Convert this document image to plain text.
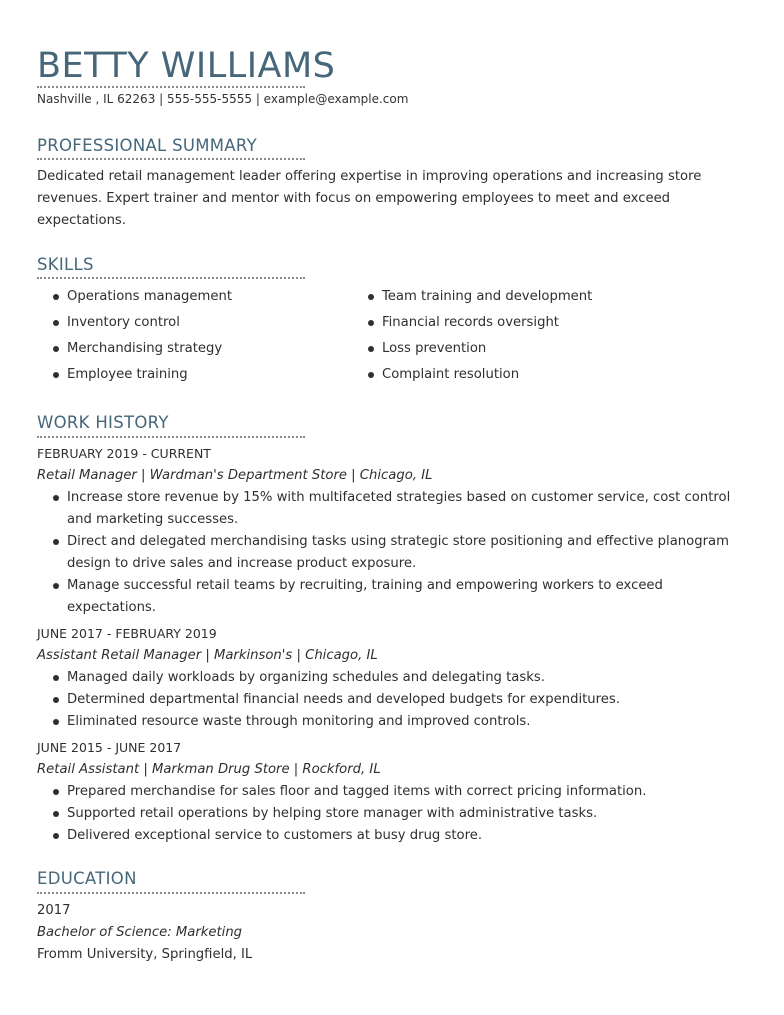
BETTY WILLIAMS
Nashville , IL 62263 | 555-555-5555 | example@example.com
PROFESSIONAL SUMMARY
Dedicated retail management leader offering expertise in improving operations and increasing store revenues. Expert trainer and mentor with focus on empowering employees to meet and exceed expectations.
SKILLS
Operations management
Inventory control
Merchandising strategy
Employee training
Team training and development
Financial records oversight
Loss prevention
Complaint resolution
WORK HISTORY
FEBRUARY 2019 - CURRENT
Retail Manager | Wardman's Department Store | Chicago, IL
Increase store revenue by 15% with multifaceted strategies based on customer service, cost control and marketing successes.
Direct and delegated merchandising tasks using strategic store positioning and effective planogram design to drive sales and increase product exposure.
Manage successful retail teams by recruiting, training and empowering workers to exceed expectations.
JUNE 2017 - FEBRUARY 2019
Assistant Retail Manager | Markinson's | Chicago, IL
Managed daily workloads by organizing schedules and delegating tasks.
Determined departmental financial needs and developed budgets for expenditures.
Eliminated resource waste through monitoring and improved controls.
JUNE 2015 - JUNE 2017
Retail Assistant | Markman Drug Store | Rockford, IL
Prepared merchandise for sales floor and tagged items with correct pricing information.
Supported retail operations by helping store manager with administrative tasks.
Delivered exceptional service to customers at busy drug store.
EDUCATION
2017
Bachelor of Science: Marketing
Fromm University, Springfield, IL
